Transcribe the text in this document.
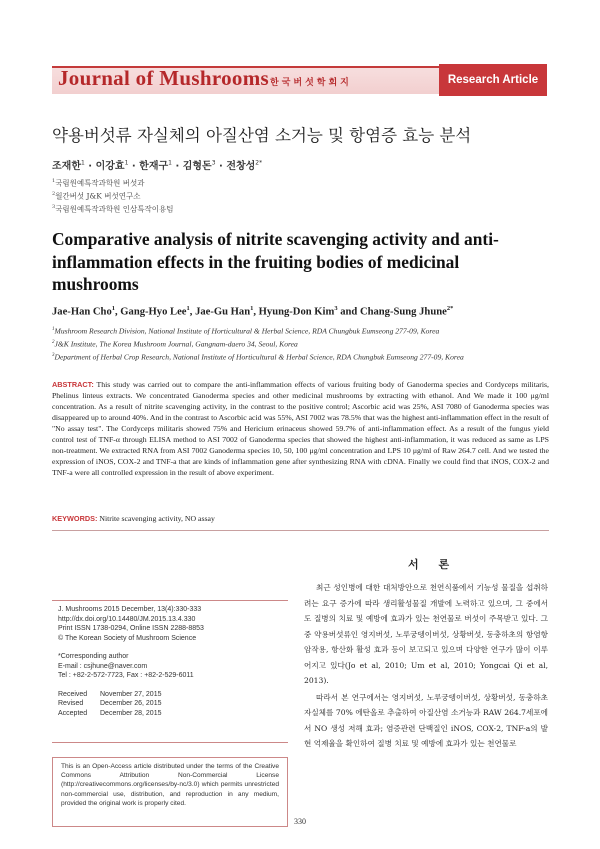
Journal of Mushrooms 한국버섯학회지	Research Article
약용버섯류 자실체의 아질산염 소거능 및 항염증 효능 분석
조재한$^1$ · 이강효$^1$ · 한재구$^1$ · 김형돈$^3$ · 전창성$^{2*}$
$^1$국립원예특작과학원 버섯과
$^2$월간버섯 J&K 버섯연구소
$^3$국립원예특작과학원 인삼특작이용팀
Comparative analysis of nitrite scavenging activity and anti-inflammation effects in the fruiting bodies of medicinal mushrooms
Jae-Han Cho$^1$, Gang-Hyo Lee$^1$, Jae-Gu Han$^1$, Hyung-Don Kim$^3$ and Chang-Sung Jhune$^{2*}$
$^1$Mushroom Research Division, National Institute of Horticultural & Herbal Science, RDA Chungbuk Eumseong 277-09, Korea
$^2$J&K Institute, The Korea Mushroom Journal, Gangnam-daero 34, Seoul, Korea
$^3$Department of Herbal Crop Research, National Institute of Horticultural & Herbal Science, RDA Chungbuk Eumseong 277-09, Korea
ABSTRACT: This study was carried out to compare the anti-inflammation effects of various fruiting body of Ganoderma species and Cordyceps militaris, Phelinus linteus extracts. We concentrated Ganoderma species and other medicinal mushrooms by extracting with ethanol. And We made it 100 μg/ml concentration. As a result of nitrite scavenging activity, in the contrast to the positive control; Ascorbic acid was 25%, ASI 7080 of Ganoderma species was disappeared up to around 40%. And in the contrast to Ascorbic acid was 55%, ASI 7002 was 78.5% that was the highest anti-inflammation effect in the result of "No assay test". The Cordyceps militaris showed 75% and Hericium erinaceus showed 59.7% of anti-inflammation effect. As a result of the fungus yield control test of TNF-α through ELISA method to ASI 7002 of Ganoderma species that showed the highest anti-inflammation, it was reduced as same as LPS non-treatment. We extracted RNA from ASI 7002 Ganoderma species 10, 50, 100 μg/ml concentration and LPS 10 μg/ml of Raw 264.7 cell. And we tested the expression of iNOS, COX-2 and TNF-a that are kinds of inflammation gene after synthesizing RNA with cDNA. Finally we could find that iNOS, COX-2 and TNF-a were all controlled expression in the result of above experiment.
KEYWORDS: Nitrite scavenging activity, NO assay
J. Mushrooms 2015 December, 13(4):330-333
http://dx.doi.org/10.14480/JM.2015.13.4.330
Print ISSN 1738-0294, Online ISSN 2288-8853
© The Korean Society of Mushroom Science
*Corresponding author
E-mail : csjhune@naver.com
Tel : +82-2-572-7723, Fax : +82-2-529-6011
Received November 27, 2015
Revised December 26, 2015
Accepted December 28, 2015
This is an Open-Access article distributed under the terms of the Creative Commons Attribution Non-Commercial License (http://creativecommons.org/licenses/by-nc/3.0) which permits unrestricted non-commercial use, distribution, and reproduction in any medium, provided the original work is properly cited.
서 론

최근 성인병에 대한 대처방안으로 천연식품에서 기능성 물질을 섭취하려는 요구 증가에 따라 생리활성물질 개발에 노력하고 있으며, 그 중에서도 질병의 치료 및 예방에 효과가 있는 천연물로 버섯이 주목받고 있다. 그 중 약용버섯류인 영지버섯, 노루궁뎅이버섯, 상황버섯, 동충하초의 항염항암작용, 항산화 활성 효과 등이 보고되고 있으며 다양한 연구가 많이 이루어지고 있다(Jo et al, 2010; Um et al, 2010; Yongcai Qi et al, 2013).

따라서 본 연구에서는 영지버섯, 노루궁뎅이버섯, 상황버섯, 동충하초 자실체를 70% 에탄올로 추출하여 아질산염 소거능과 RAW 264.7세포에서 NO 생성 저해 효과; 염증관련 단백질인 iNOS, COX-2, TNF-a의 발현 억제율을 확인하여 질병 치료 및 예방에 효과가 있는 천연물로

330
